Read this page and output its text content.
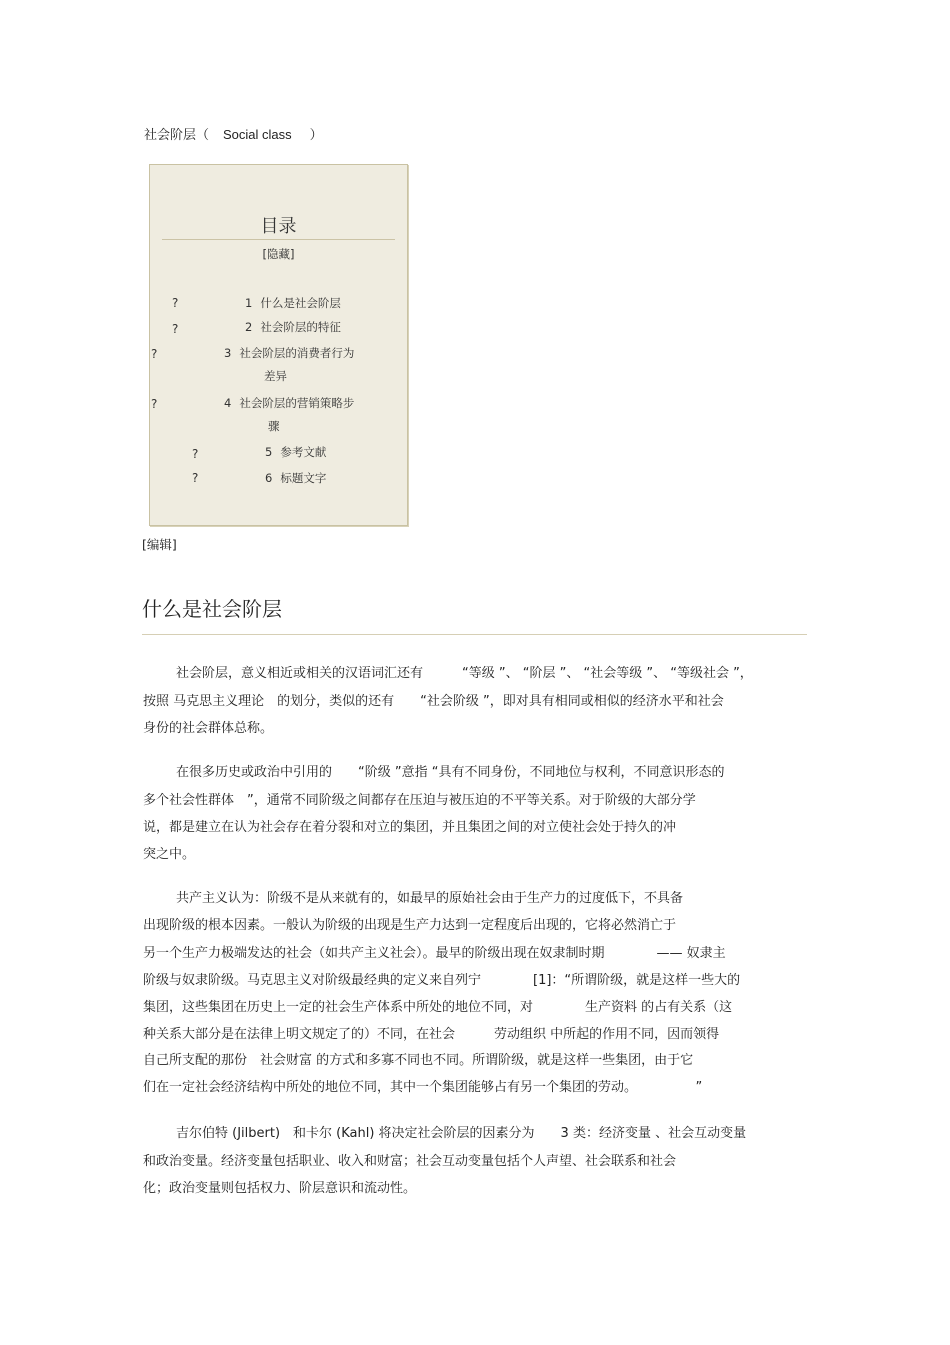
社会阶层（ Social class ）
目录
[隐藏]
?	1 什么是社会阶层
?	2 社会阶层的特征
?	3 社会阶层的消费者行为
差异
?	4 社会阶层的营销策略步
骤
?	5 参考文献
?	6 标题文字
[编辑]
什么是社会阶层
社会阶层，意义相近或相关的汉语词汇还有　　　“等级 ”、 “阶层 ”、 “社会等级 ”、 “等级社会 ”，
按照 马克思主义理论　的划分，类似的还有　　“社会阶级 ”，即对具有相同或相似的经济水平和社会
身份的社会群体总称。
在很多历史或政治中引用的　　“阶级 ”意指 “具有不同身份，不同地位与权利，不同意识形态的
多个社会性群体　”，通常不同阶级之间都存在压迫与被压迫的不平等关系。对于阶级的大部分学
说，都是建立在认为社会存在着分裂和对立的集团，并且集团之间的对立使社会处于持久的冲
突之中。
共产主义认为：阶级不是从来就有的，如最早的原始社会由于生产力的过度低下，不具备
出现阶级的根本因素。一般认为阶级的出现是生产力达到一定程度后出现的，它将必然消亡于
另一个生产力极端发达的社会（如共产主义社会）。最早的阶级出现在奴隶制时期　　　　—— 奴隶主
阶级与奴隶阶级。马克思主义对阶级最经典的定义来自列宁　　　　[1]：“所谓阶级，就是这样一些大的
集团，这些集团在历史上一定的社会生产体系中所处的地位不同，对　　　　生产资料 的占有关系（这
种关系大部分是在法律上明文规定了的）不同，在社会　　　劳动组织 中所起的作用不同，因而领得
自己所支配的那份　社会财富 的方式和多寡不同也不同。所谓阶级，就是这样一些集团，由于它
们在一定社会经济结构中所处的地位不同，其中一个集团能够占有另一个集团的劳动。　　　　　”
吉尔伯特 (Jilbert)　和卡尔 (Kahl) 将决定社会阶层的因素分为　　3 类：经济变量 、社会互动变量
和政治变量。经济变量包括职业、收入和财富；社会互动变量包括个人声望、社会联系和社会
化；政治变量则包括权力、阶层意识和流动性。
